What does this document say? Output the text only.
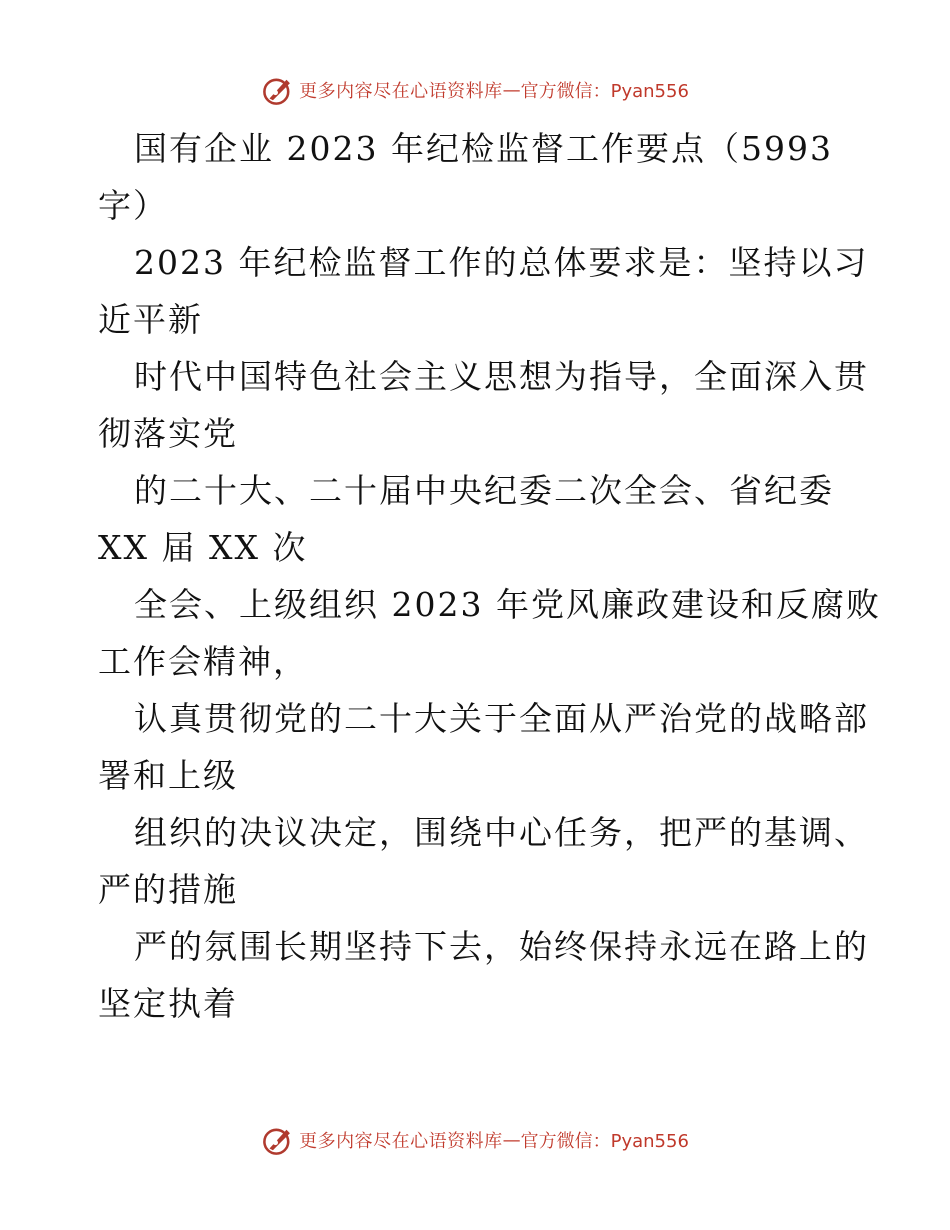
更多内容尽在心语资料库 — 官方微信：Pyan556

国有企业 2023 年纪检监督工作要点（5993
字）

2023 年纪检监督工作的总体要求是：坚持以习
近平新

时代中国特色社会主义思想为指导，全面深入贯
彻落实党

的二十大、二十届中央纪委二次全会、省纪委
XX 届 XX 次

全会、上级组织 2023 年党风廉政建设和反腐败
工作会精神，

认真贯彻党的二十大关于全面从严治党的战略部
署和上级

组织的决议决定，围绕中心任务，把严的基调、
严的措施

严的氛围长期坚持下去，始终保持永远在路上的
坚定执着

更多内容尽在心语资料库 — 官方微信：Pyan556
